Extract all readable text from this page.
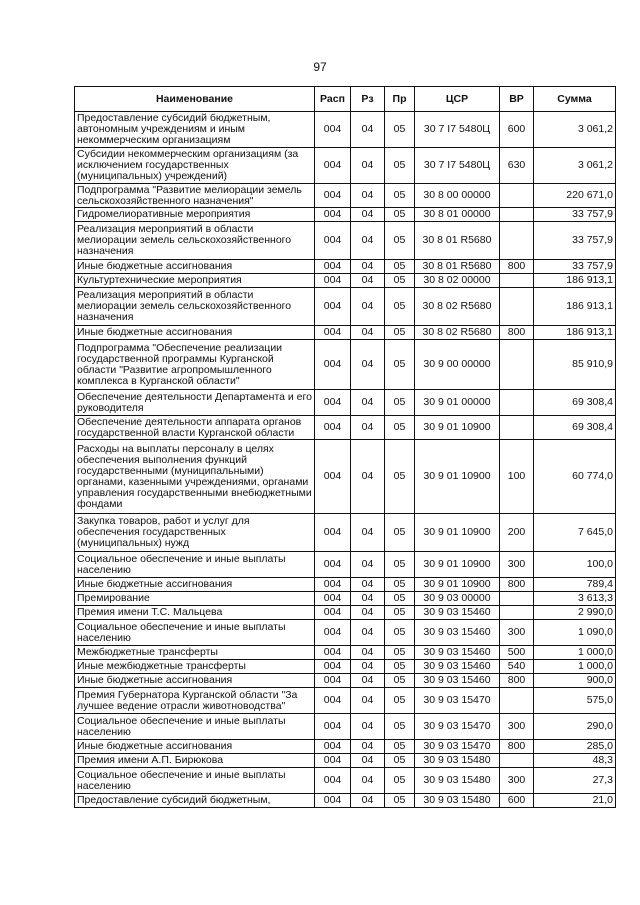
97
Наименование	Расп	Рз	Пр	ЦСР	ВР	Сумма
Предоставление субсидий бюджетным, автономным учреждениям и иным некоммерческим организациям	004	04	05	30 7 I7 5480Ц	600	3 061,2
Субсидии некоммерческим организациям (за исключением государственных (муниципальных) учреждений)	004	04	05	30 7 I7 5480Ц	630	3 061,2
Подпрограмма "Развитие мелиорации земель сельскохозяйственного назначения"	004	04	05	30 8 00 00000		220 671,0
Гидромелиоративные мероприятия	004	04	05	30 8 01 00000		33 757,9
Реализация мероприятий в области мелиорации земель сельскохозяйственного назначения	004	04	05	30 8 01 R5680		33 757,9
Иные бюджетные ассигнования	004	04	05	30 8 01 R5680	800	33 757,9
Культуртехнические мероприятия	004	04	05	30 8 02 00000		186 913,1
Реализация мероприятий в области мелиорации земель сельскохозяйственного назначения	004	04	05	30 8 02 R5680		186 913,1
Иные бюджетные ассигнования	004	04	05	30 8 02 R5680	800	186 913,1
Подпрограмма "Обеспечение реализации государственной программы Курганской области "Развитие агропромышленного комплекса в Курганской области"	004	04	05	30 9 00 00000		85 910,9
Обеспечение деятельности Департамента и его руководителя	004	04	05	30 9 01 00000		69 308,4
Обеспечение деятельности аппарата органов государственной власти Курганской области	004	04	05	30 9 01 10900		69 308,4
Расходы на выплаты персоналу в целях обеспечения выполнения функций государственными (муниципальными) органами, казенными учреждениями, органами управления государственными внебюджетными фондами	004	04	05	30 9 01 10900	100	60 774,0
Закупка товаров, работ и услуг для обеспечения государственных (муниципальных) нужд	004	04	05	30 9 01 10900	200	7 645,0
Социальное обеспечение и иные выплаты населению	004	04	05	30 9 01 10900	300	100,0
Иные бюджетные ассигнования	004	04	05	30 9 01 10900	800	789,4
Премирование	004	04	05	30 9 03 00000		3 613,3
Премия имени Т.С. Мальцева	004	04	05	30 9 03 15460		2 990,0
Социальное обеспечение и иные выплаты населению	004	04	05	30 9 03 15460	300	1 090,0
Межбюджетные трансферты	004	04	05	30 9 03 15460	500	1 000,0
Иные межбюджетные трансферты	004	04	05	30 9 03 15460	540	1 000,0
Иные бюджетные ассигнования	004	04	05	30 9 03 15460	800	900,0
Премия Губернатора Курганской области "За лучшее ведение отрасли животноводства"	004	04	05	30 9 03 15470		575,0
Социальное обеспечение и иные выплаты населению	004	04	05	30 9 03 15470	300	290,0
Иные бюджетные ассигнования	004	04	05	30 9 03 15470	800	285,0
Премия имени А.П. Бирюкова	004	04	05	30 9 03 15480		48,3
Социальное обеспечение и иные выплаты населению	004	04	05	30 9 03 15480	300	27,3
Предоставление субсидий бюджетным,	004	04	05	30 9 03 15480	600	21,0
